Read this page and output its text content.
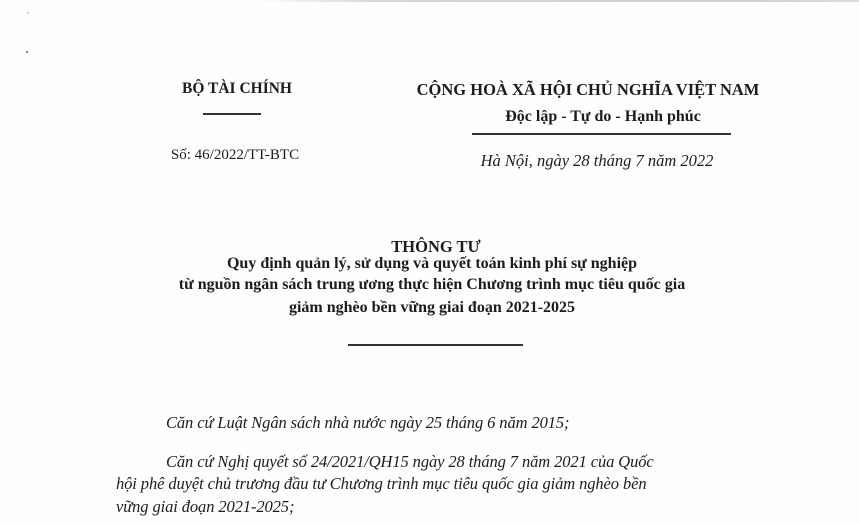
BỘ TÀI CHÍNH
Số: 46/2022/TT-BTC
CỘNG HOÀ XÃ HỘI CHỦ NGHĨA VIỆT NAM
Độc lập - Tự do - Hạnh phúc
Hà Nội, ngày 28 tháng 7 năm 2022
THÔNG TƯ
Quy định quản lý, sử dụng và quyết toán kinh phí sự nghiệp
từ nguồn ngân sách trung ương thực hiện Chương trình mục tiêu quốc gia
giảm nghèo bền vững giai đoạn 2021-2025
Căn cứ Luật Ngân sách nhà nước ngày 25 tháng 6 năm 2015;
Căn cứ Nghị quyết số 24/2021/QH15 ngày 28 tháng 7 năm 2021 của Quốc
hội phê duyệt chủ trương đầu tư Chương trình mục tiêu quốc gia giảm nghèo bền
vững giai đoạn 2021-2025;
